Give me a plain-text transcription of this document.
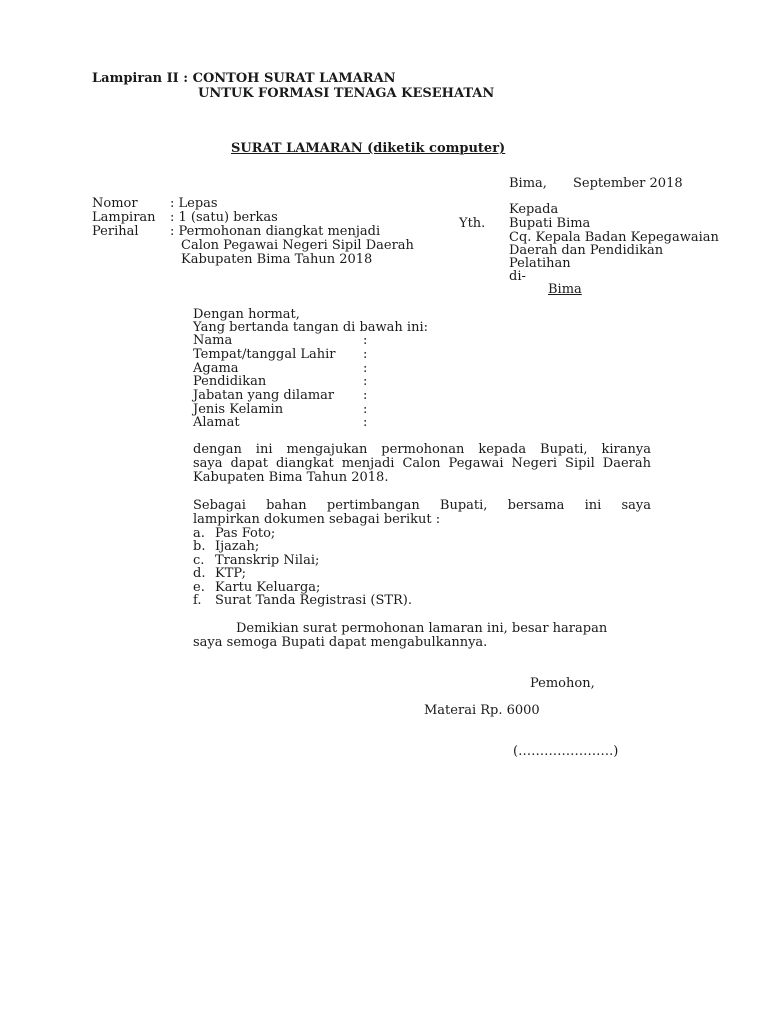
Lampiran II : CONTOH SURAT LAMARAN
UNTUK FORMASI TENAGA KESEHATAN
SURAT LAMARAN (diketik computer)
Bima, September 2018
Nomor : Lepas
Lampiran : 1 (satu) berkas
Perihal : Permohonan diangkat menjadi
Calon Pegawai Negeri Sipil Daerah
Kabupaten Bima Tahun 2018
Kepada
Yth. Bupati Bima
Cq. Kepala Badan Kepegawaian
Daerah dan Pendidikan
Pelatihan
di-
Bima
Dengan hormat,
Yang bertanda tangan di bawah ini:
Nama	:
Tempat/tanggal Lahir :
Agama	:
Pendidikan	:
Jabatan yang dilamar :
Jenis Kelamin	:
Alamat	:
dengan ini mengajukan permohonan kepada Bupati, kiranya
saya dapat diangkat menjadi Calon Pegawai Negeri Sipil Daerah
Kabupaten Bima Tahun 2018.
Sebagai bahan pertimbangan Bupati, bersama ini saya
lampirkan dokumen sebagai berikut :
a. Pas Foto;
b. Ijazah;
c. Transkrip Nilai;
d. KTP;
e. Kartu Keluarga;
f. Surat Tanda Registrasi (STR).
Demikian surat permohonan lamaran ini, besar harapan
saya semoga Bupati dapat mengabulkannya.
Pemohon,
Materai Rp. 6000
(………………….)
